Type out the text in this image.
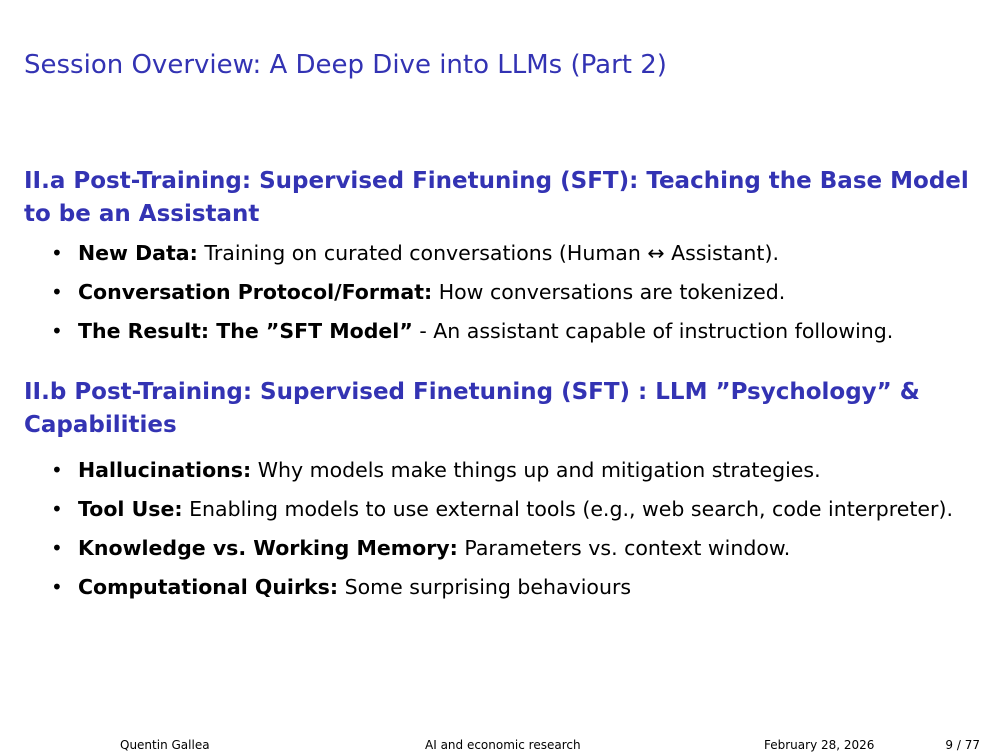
Session Overview: A Deep Dive into LLMs (Part 2)
II.a Post-Training: Supervised Finetuning (SFT): Teaching the Base Model to be an Assistant
• New Data: Training on curated conversations (Human ↔ Assistant).
• Conversation Protocol/Format: How conversations are tokenized.
• The Result: The ”SFT Model” - An assistant capable of instruction following.
II.b Post-Training: Supervised Finetuning (SFT) : LLM ”Psychology” & Capabilities
• Hallucinations: Why models make things up and mitigation strategies.
• Tool Use: Enabling models to use external tools (e.g., web search, code interpreter).
• Knowledge vs. Working Memory: Parameters vs. context window.
• Computational Quirks: Some surprising behaviours
Quentin Gallea	AI and economic research	February 28, 2026	9 / 77
